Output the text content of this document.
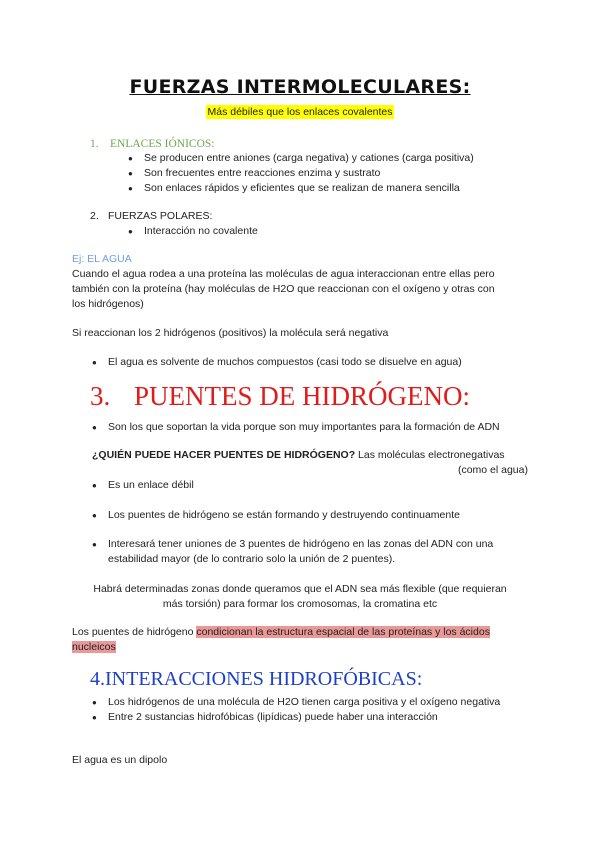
FUERZAS INTERMOLECULARES:
Más débiles que los enlaces covalentes
1. ENLACES IÓNICOS:
● Se producen entre aniones (carga negativa) y cationes (carga positiva)
● Son frecuentes entre reacciones enzima y sustrato
● Son enlaces rápidos y eficientes que se realizan de manera sencilla
2. FUERZAS POLARES:
● Interacción no covalente
Ej: EL AGUA
Cuando el agua rodea a una proteína las moléculas de agua interaccionan entre ellas pero
también con la proteína (hay moléculas de H2O que reaccionan con el oxígeno y otras con
los hidrógenos)
Si reaccionan los 2 hidrógenos (positivos) la molécula será negativa
● El agua es solvente de muchos compuestos (casi todo se disuelve en agua)
3. PUENTES DE HIDRÓGENO:
● Son los que soportan la vida porque son muy importantes para la formación de ADN
¿QUIÉN PUEDE HACER PUENTES DE HIDRÓGENO? Las moléculas electronegativas
(como el agua)
● Es un enlace débil
● Los puentes de hidrógeno se están formando y destruyendo continuamente
● Interesará tener uniones de 3 puentes de hidrógeno en las zonas del ADN con una
estabilidad mayor (de lo contrario solo la unión de 2 puentes).
Habrá determinadas zonas donde queramos que el ADN sea más flexible (que requieran
más torsión) para formar los cromosomas, la cromatina etc
Los puentes de hidrógeno condicionan la estructura espacial de las proteínas y los ácidos
nucleicos
4.INTERACCIONES HIDROFÓBICAS:
● Los hidrógenos de una molécula de H2O tienen carga positiva y el oxígeno negativa
● Entre 2 sustancias hidrofóbicas (lipídicas) puede haber una interacción
El agua es un dipolo
